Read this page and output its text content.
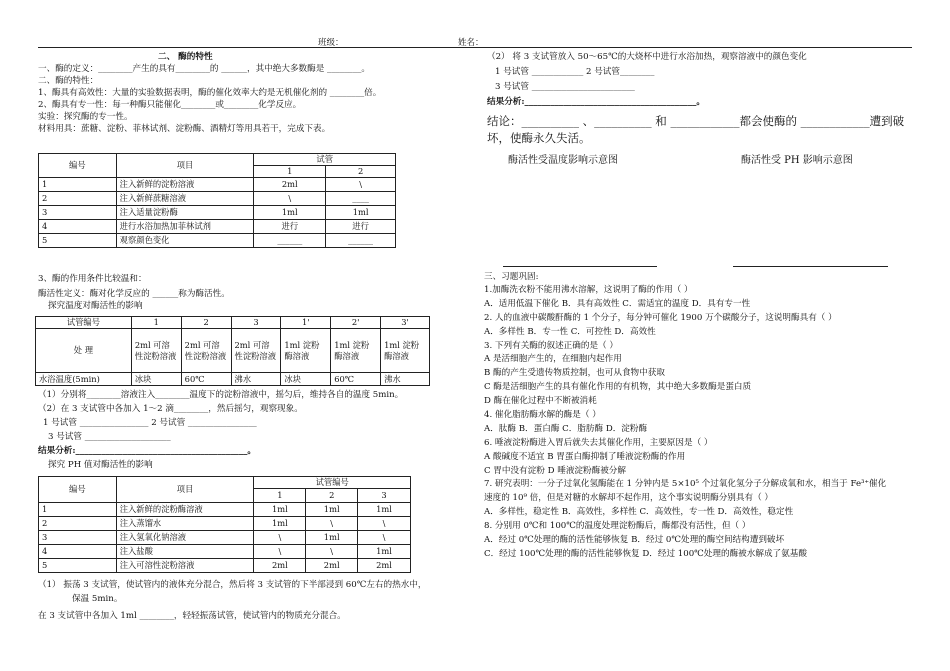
班级：	姓名：
二、 酶的特性
一、酶的定义：________产生的具有________的 ______，其中绝大多数酶是 ________。
二、酶的特性：
1、酶具有高效性：大量的实验数据表明，酶的催化效率大约是无机催化剂的 ________倍。
2、酶具有专一性：每一种酶只能催化________或________化学反应。
实验：探究酶的专一性。
材料用具：蔗糖、淀粉、菲林试剂、淀粉酶、酒精灯等用具若干，完成下表。
编号	项目	试管	
		1	2
1	注入新鲜的淀粉溶液	2ml	\
2	注入新鲜蔗糖溶液	\	____
3	注入适量淀粉酶	1ml	1ml
4	进行水浴加热加菲林试剂	进行	进行
5	观察颜色变化	______	______
3、酶的作用条件比较温和：
酶活性定义：酶对化学反应的 ______称为酶活性。
探究温度对酶活性的影响
试管编号	1	2	3	1'	2'	3'
处 理	2ml 可溶性淀粉溶液	2ml 可溶性淀粉溶液	2ml 可溶性淀粉溶液	1ml 淀粉酶溶液	1ml 淀粉酶溶液	1ml 淀粉酶溶液
水浴温度(5min)	冰块	60℃	沸水	冰块	60℃	沸水
（1）分别将________溶液注入________温度下的淀粉溶液中，摇匀后，维持各自的温度 5min。
（2）在 3 支试管中各加入 1～2 滴________，然后摇匀，观察现象。
1 号试管 ________________ 2 号试管 ________________
3 号试管 ____________________
结果分析:________________________________________。
探究 PH 值对酶活性的影响
编号	项目	试管编号		
		1	2	3
1	注入新鲜的淀粉酶溶液	1ml	1ml	1ml
2	注入蒸馏水	1ml	\	\
3	注入氢氧化钠溶液	\	1ml	\
4	注入盐酸	\	\	1ml
5	注入可溶性淀粉溶液	2ml	2ml	2ml
（1） 振荡 3 支试管，使试管内的液体充分混合，然后将 3 支试管的下半部浸到 60℃左右的热水中，
保温 5min。
在 3 支试管中各加入 1ml ________，轻轻振荡试管，使试管内的物质充分混合。
（2） 将 3 支试管放入 50～65℃的大烧杯中进行水浴加热，观察溶液中的颜色变化
1 号试管 ____________ 2 号试管________
3 号试管 ________________________
结果分析:________________________________________。
结论：__________ 、__________ 和 ____________都会使酶的 ____________遭到破坏，使酶永久失活。
酶活性受温度影响示意图	酶活性受 PH 影响示意图
三、习题巩固:
1.加酶洗衣粉不能用沸水溶解，这说明了酶的作用（ ）
A．适用低温下催化 B．具有高效性 C．需适宜的温度 D．具有专一性
2. 人的血液中碳酸酐酶的 1 个分子，每分钟可催化 1900 万个碳酸分子，这说明酶具有（ ）
A．多样性 B．专一性 C．可控性 D．高效性
3. 下列有关酶的叙述正确的是（ ）
A 是活细胞产生的，在细胞内起作用
B 酶的产生受遗传物质控制，也可从食物中获取
C 酶是活细胞产生的具有催化作用的有机物，其中绝大多数酶是蛋白质
D 酶在催化过程中不断被消耗
4. 催化脂肪酶水解的酶是（ ）
A．肽酶 B．蛋白酶 C．脂肪酶 D．淀粉酶
6. 唾液淀粉酶进入胃后就失去其催化作用，主要原因是（ ）
A 酸碱度不适宜 B 胃蛋白酶抑制了唾液淀粉酶的作用
C 胃中没有淀粉 D 唾液淀粉酶被分解
7. 研究表明：一分子过氧化氢酶能在 1 分钟内是 5×10⁵ 个过氧化氢分子分解成氧和水，相当于 Fe³⁺催化
速度的 10⁹ 倍，但是对糖的水解却不起作用，这个事实说明酶分别具有（ ）
A．多样性，稳定性 B．高效性，多样性 C．高效性，专一性 D．高效性，稳定性
8. 分别用 0℃和 100℃的温度处理淀粉酶后，酶都没有活性，但（ ）
A．经过 0℃处理的酶的活性能够恢复 B．经过 0℃处理的酶空间结构遭到破坏
C．经过 100℃处理的酶的活性能够恢复 D．经过 100℃处理的酶被水解成了氨基酸
